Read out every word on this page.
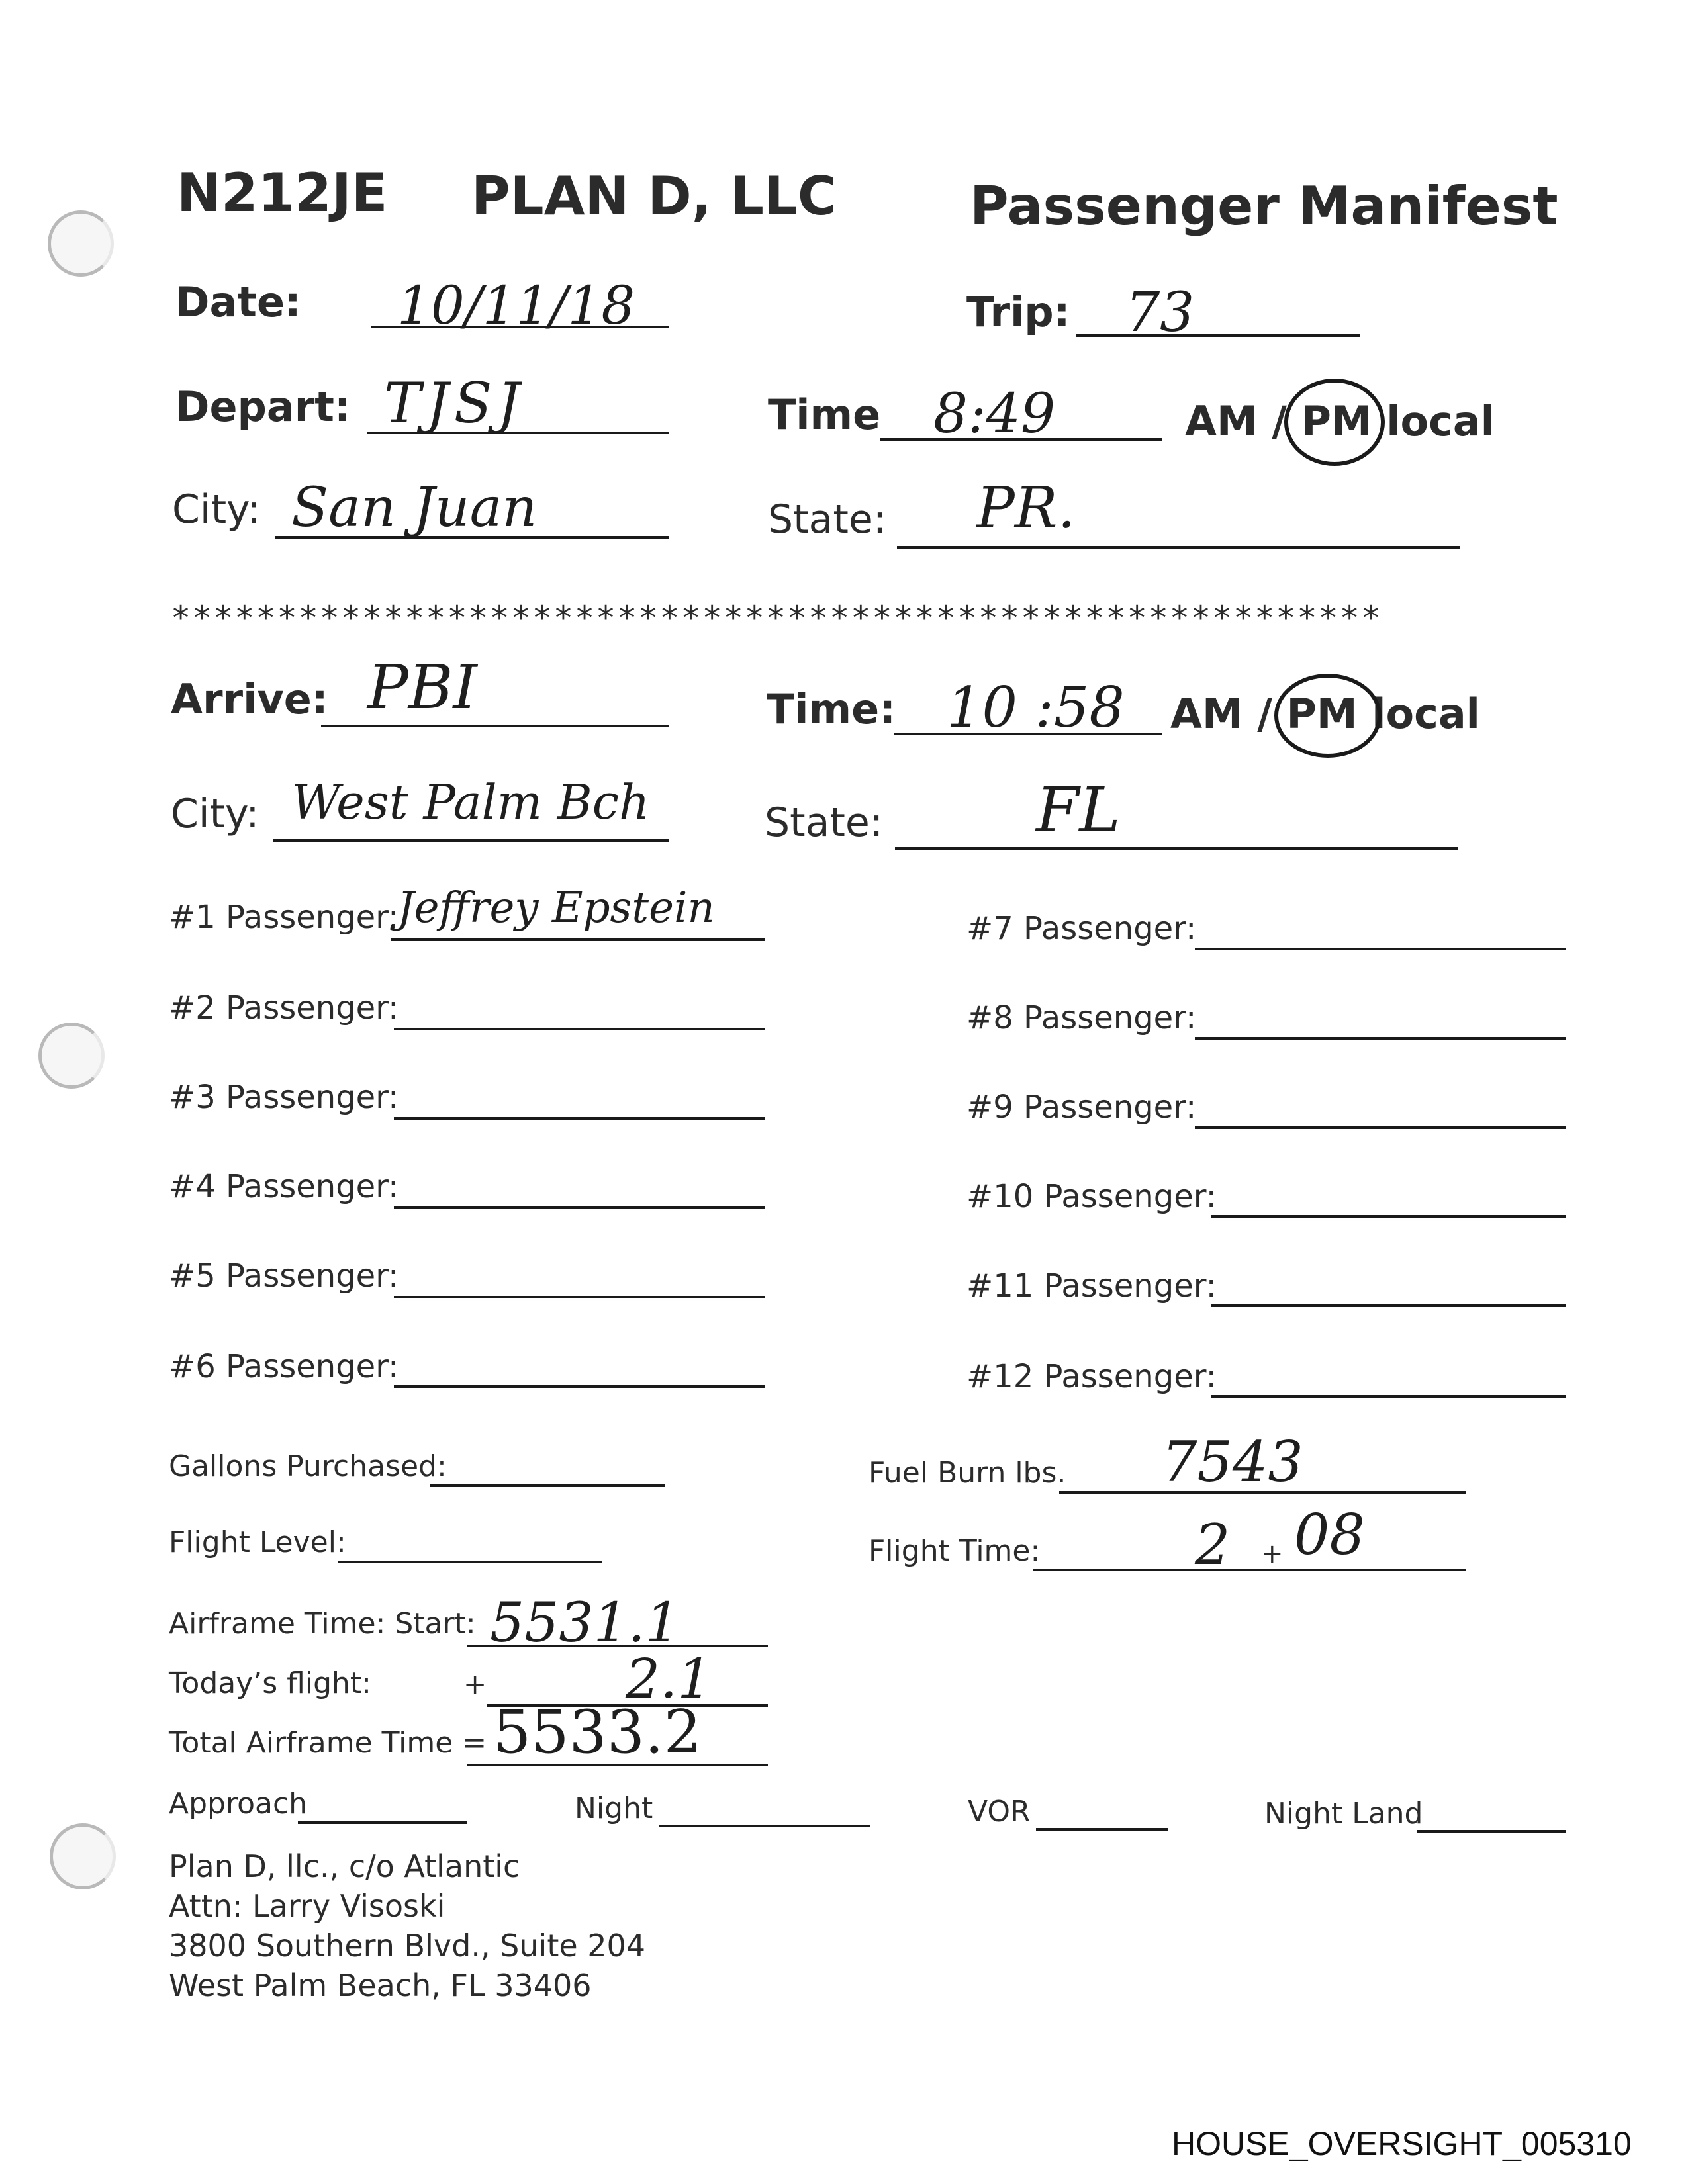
N212JE PLAN D, LLC	Passenger Manifest
Date: 10/11/18	Trip: 73
Depart: TJSJ	Time 8:49	AM / PM local
City: San Juan	State: PR.
*********************************************************
Arrive: PBI	Time: 10 :58 AM / PM local
City: West Palm Bch	State: FL
#1 Passenger:
Jeffrey Epstein
#2 Passenger:
#3 Passenger:
#4 Passenger:
#5 Passenger:
#6 Passenger:
#7 Passenger:
#8 Passenger:
#9 Passenger:
#10 Passenger:
#11 Passenger:
#12 Passenger:
Gallons Purchased:	Fuel Burn lbs. 7543
Flight Level:	Flight Time:	2 + 08
Airframe Time: Start: 5531.1
Today’s flight:	+	2.1
Total Airframe Time = 5533.2
Approach	Night	VOR	Night Land
Plan D, llc., c/o Atlantic
Attn: Larry Visoski
3800 Southern Blvd., Suite 204
West Palm Beach, FL 33406
HOUSE_OVERSIGHT_005310
